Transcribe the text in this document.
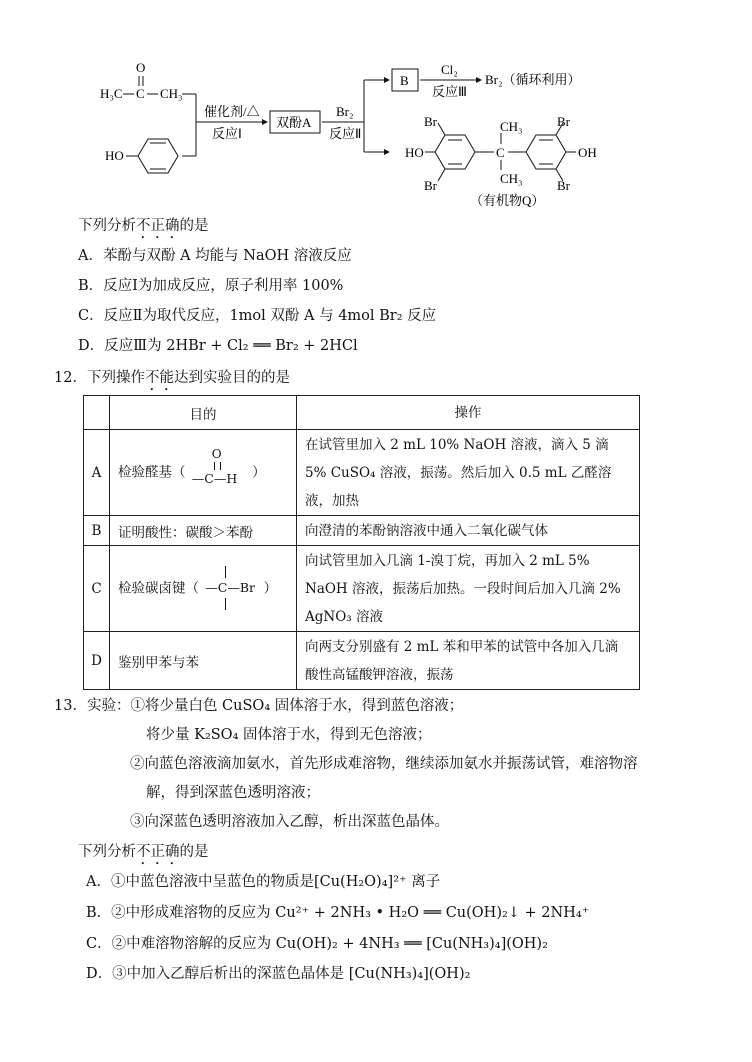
O
H₃C C CH₃
HO
催化剂/△
反应Ⅰ
双酚A
Br₂
反应Ⅱ
B
Cl₂
反应Ⅲ
Br₂（循环利用）
HO
Br
Br
C
CH₃
CH₃
Br
Br
OH
（有机物Q）
下列分析不正确的是
A．苯酚与双酚 A 均能与 NaOH 溶液反应
B．反应Ⅰ为加成反应，原子利用率 100%
C．反应Ⅱ为取代反应，1mol 双酚 A 与 4mol Br₂ 反应
D．反应Ⅲ为 2HBr + Cl₂ ══ Br₂ + 2HCl
12．下列操作不能达到实验目的的是
	目的	操作
A	检验醛基（
O
—C—H ）	在试管里加入 2 mL 10% NaOH 溶液，滴入 5 滴 5% CuSO₄ 溶液，振荡。然后加入 0.5 mL 乙醛溶液，加热
B	证明酸性：碳酸＞苯酚	向澄清的苯酚钠溶液中通入二氧化碳气体
C	检验碳卤键（ —C—Br ）	向试管里加入几滴 1-溴丁烷，再加入 2 mL 5% NaOH 溶液，振荡后加热。一段时间后加入几滴 2% AgNO₃ 溶液
D	鉴别甲苯与苯	向两支分别盛有 2 mL 苯和甲苯的试管中各加入几滴酸性高锰酸钾溶液，振荡
13．实验：①将少量白色 CuSO₄ 固体溶于水，得到蓝色溶液；
将少量 K₂SO₄ 固体溶于水，得到无色溶液；
②向蓝色溶液滴加氨水，首先形成难溶物，继续添加氨水并振荡试管，难溶物溶
解，得到深蓝色透明溶液；
③向深蓝色透明溶液加入乙醇，析出深蓝色晶体。
下列分析不正确的是
A．①中蓝色溶液中呈蓝色的物质是[Cu(H₂O)₄]²⁺ 离子
B．②中形成难溶物的反应为 Cu²⁺ + 2NH₃ • H₂O ══ Cu(OH)₂↓ + 2NH₄⁺
C．②中难溶物溶解的反应为 Cu(OH)₂ + 4NH₃ ══ [Cu(NH₃)₄](OH)₂
D．③中加入乙醇后析出的深蓝色晶体是 [Cu(NH₃)₄](OH)₂
